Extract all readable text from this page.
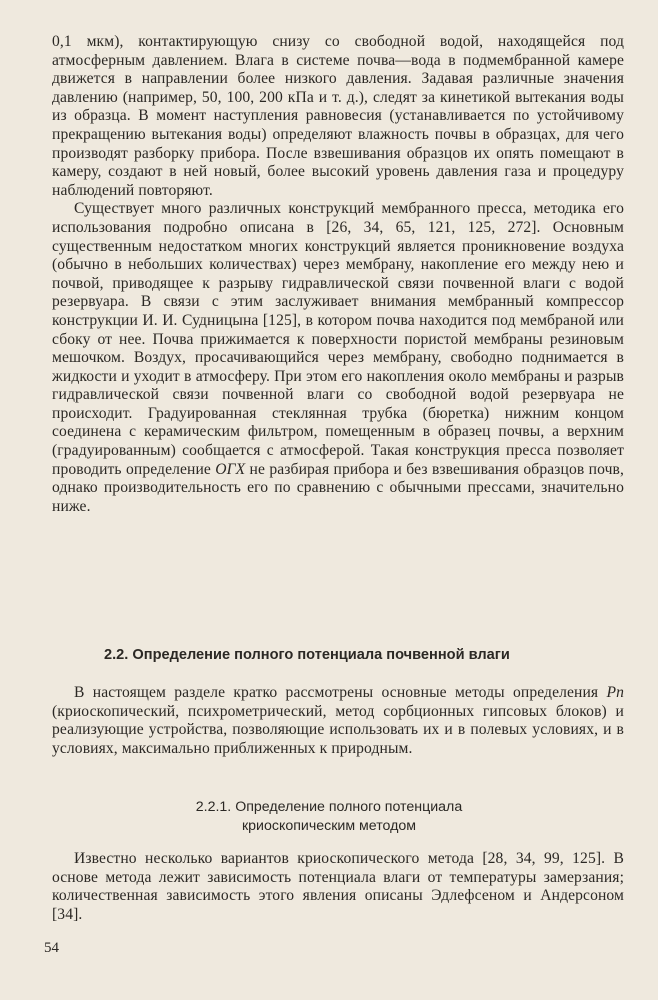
0,1 мкм), контактирующую снизу со свободной водой, находящейся под атмосферным давлением. Влага в системе почва—вода в подмембранной камере движется в направлении более низкого давления. Задавая различные значения давлению (например, 50, 100, 200 кПа и т. д.), следят за кинетикой вытекания воды из образца. В момент наступления равновесия (устанавливается по устойчивому прекращению вытекания воды) определяют влажность почвы в образцах, для чего производят разборку прибора. После взвешивания образцов их опять помещают в камеру, создают в ней новый, более высокий уровень давления газа и процедуру наблюдений повторяют.

Существует много различных конструкций мембранного пресса, методика его использования подробно описана в [26, 34, 65, 121, 125, 272]. Основным существенным недостатком многих конструкций является проникновение воздуха (обычно в небольших количествах) через мембрану, накопление его между нею и почвой, приводящее к разрыву гидравлической связи почвенной влаги с водой резервуара. В связи с этим заслуживает внимания мембранный компрессор конструкции И. И. Судницына [125], в котором почва находится под мембраной или сбоку от нее. Почва прижимается к поверхности пористой мембраны резиновым мешочком. Воздух, просачивающийся через мембрану, свободно поднимается в жидкости и уходит в атмосферу. При этом его накопления около мембраны и разрыв гидравлической связи почвенной влаги со свободной водой резервуара не происходит. Градуированная стеклянная трубка (бюретка) нижним концом соединена с керамическим фильтром, помещенным в образец почвы, а верхним (градуированным) сообщается с атмосферой. Такая конструкция пресса позволяет проводить определение ОГХ не разбирая прибора и без взвешивания образцов почв, однако производительность его по сравнению с обычными прессами, значительно ниже.

2.2. Определение полного потенциала почвенной влаги

В настоящем разделе кратко рассмотрены основные методы определения Pп (криоскопический, психрометрический, метод сорбционных гипсовых блоков) и реализующие устройства, позволяющие использовать их и в полевых условиях, и в условиях, максимально приближенных к природным.

2.2.1. Определение полного потенциала
криоскопическим методом

Известно несколько вариантов криоскопического метода [28, 34, 99, 125]. В основе метода лежит зависимость потенциала влаги от температуры замерзания; количественная зависимость этого явления описаны Эдлефсеном и Андерсоном [34].

54
